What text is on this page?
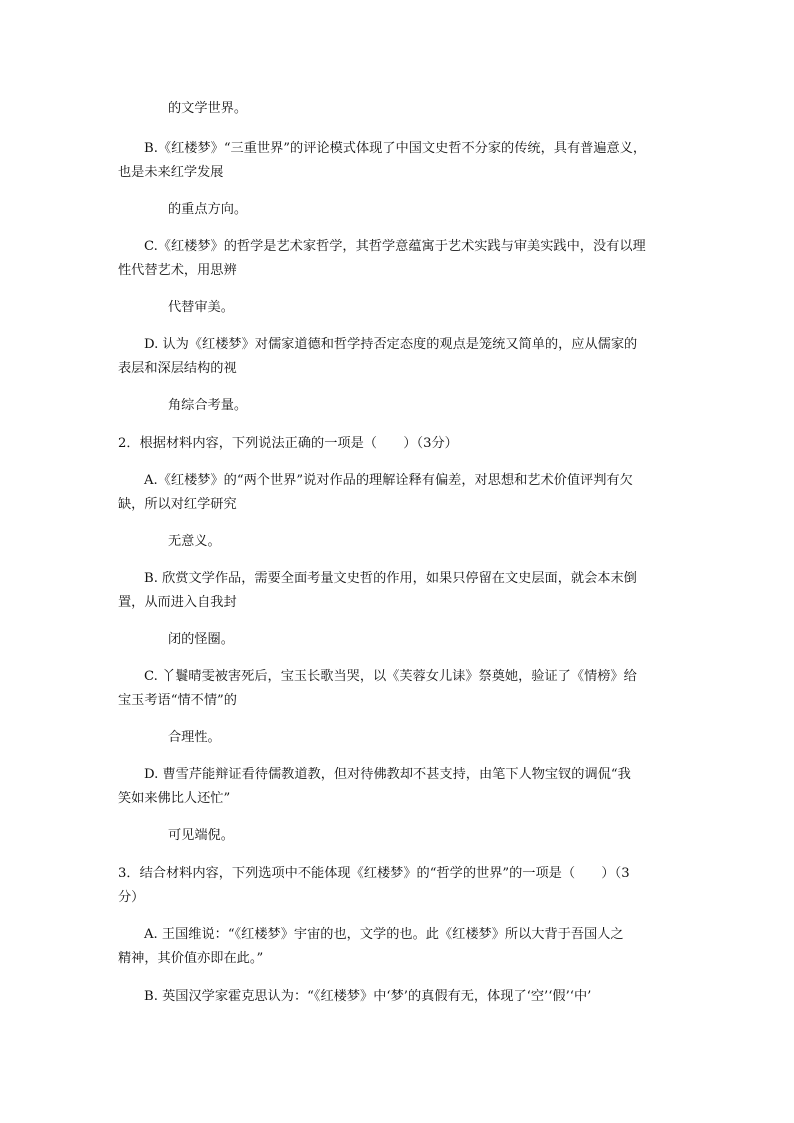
的文学世界。
B.《红楼梦》“三重世界”的评论模式体现了中国文史哲不分家的传统，具有普遍意义，
也是未来红学发展
的重点方向。
C.《红楼梦》的哲学是艺术家哲学，其哲学意蕴寓于艺术实践与审美实践中，没有以理
性代替艺术，用思辨
代替审美。
D. 认为《红楼梦》对儒家道德和哲学持否定态度的观点是笼统又简单的，应从儒家的
表层和深层结构的视
角综合考量。
2．根据材料内容，下列说法正确的一项是（　　）（3分）
A.《红楼梦》的“两个世界”说对作品的理解诠释有偏差，对思想和艺术价值评判有欠
缺，所以对红学研究
无意义。
B. 欣赏文学作品，需要全面考量文史哲的作用，如果只停留在文史层面，就会本末倒
置，从而进入自我封
闭的怪圈。
C. 丫鬟晴雯被害死后，宝玉长歌当哭，以《芙蓉女儿诔》祭奠她，验证了《情榜》给
宝玉考语“情不情”的
合理性。
D. 曹雪芹能辩证看待儒教道教，但对待佛教却不甚支持，由笔下人物宝钗的调侃“我
笑如来佛比人还忙”
可见端倪。
3．结合材料内容，下列选项中不能体现《红楼梦》的“哲学的世界”的一项是（　　）（3
分）
A. 王国维说：“《红楼梦》宇宙的也，文学的也。此《红楼梦》所以大背于吾国人之
精神，其价值亦即在此。”
B. 英国汉学家霍克思认为：“《红楼梦》中‘梦’的真假有无，体现了‘空’‘假’‘中’
